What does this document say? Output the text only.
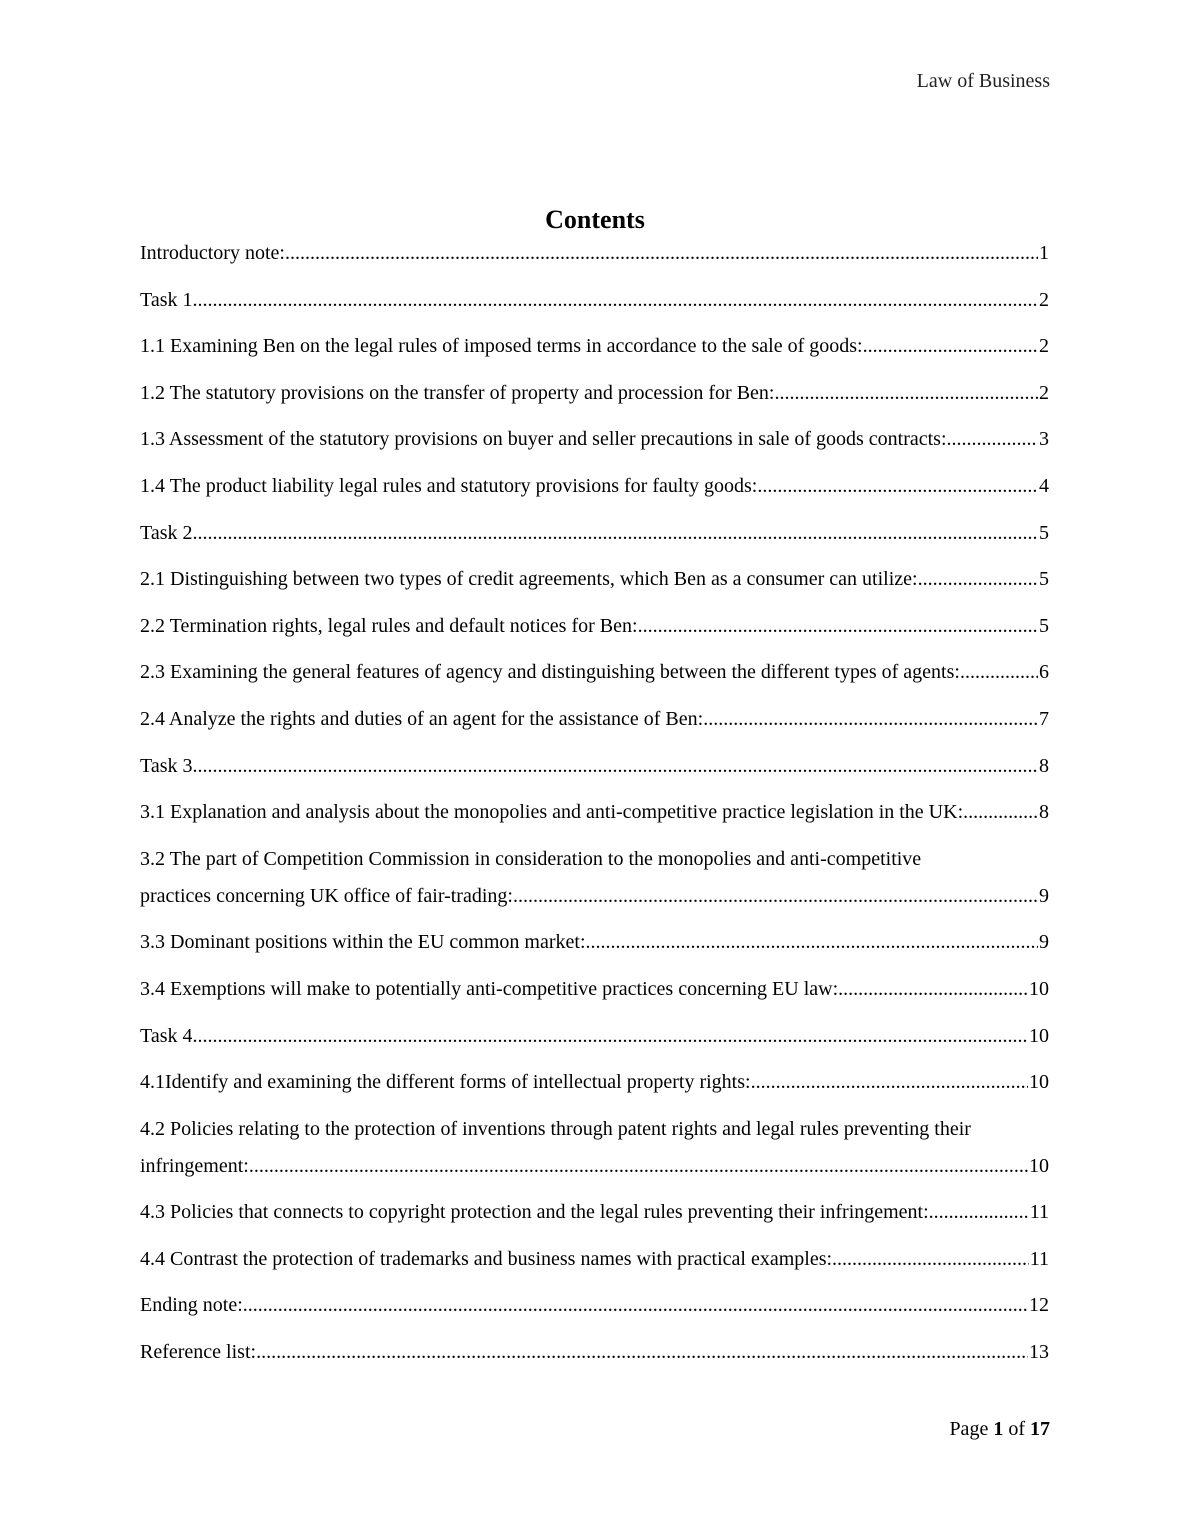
Law of Business
Contents
Introductory note: .....	1
Task 1 .....	2
1.1 Examining Ben on the legal rules of imposed terms in accordance to the sale of goods: .....	2
1.2 The statutory provisions on the transfer of property and procession for Ben: .....	2
1.3 Assessment of the statutory provisions on buyer and seller precautions in sale of goods contracts: .....	3
1.4 The product liability legal rules and statutory provisions for faulty goods: .....	4
Task 2 .....	5
2.1 Distinguishing between two types of credit agreements, which Ben as a consumer can utilize: .....	5
2.2 Termination rights, legal rules and default notices for Ben: .....	5
2.3 Examining the general features of agency and distinguishing between the different types of agents: .....	6
2.4 Analyze the rights and duties of an agent for the assistance of Ben: .....	7
Task 3 .....	8
3.1 Explanation and analysis about the monopolies and anti-competitive practice legislation in the UK: .....	8
3.2 The part of Competition Commission in consideration to the monopolies and anti-competitive
practices concerning UK office of fair-trading: .....	9
3.3 Dominant positions within the EU common market: .....	9
3.4 Exemptions will make to potentially anti-competitive practices concerning EU law: .....	10
Task 4 .....	10
4.1Identify and examining the different forms of intellectual property rights: .....	10
4.2 Policies relating to the protection of inventions through patent rights and legal rules preventing their
infringement: .....	10
4.3 Policies that connects to copyright protection and the legal rules preventing their infringement: .....	11
4.4 Contrast the protection of trademarks and business names with practical examples: .....	11
Ending note: .....	12
Reference list: .....	13
Page 1 of 17
